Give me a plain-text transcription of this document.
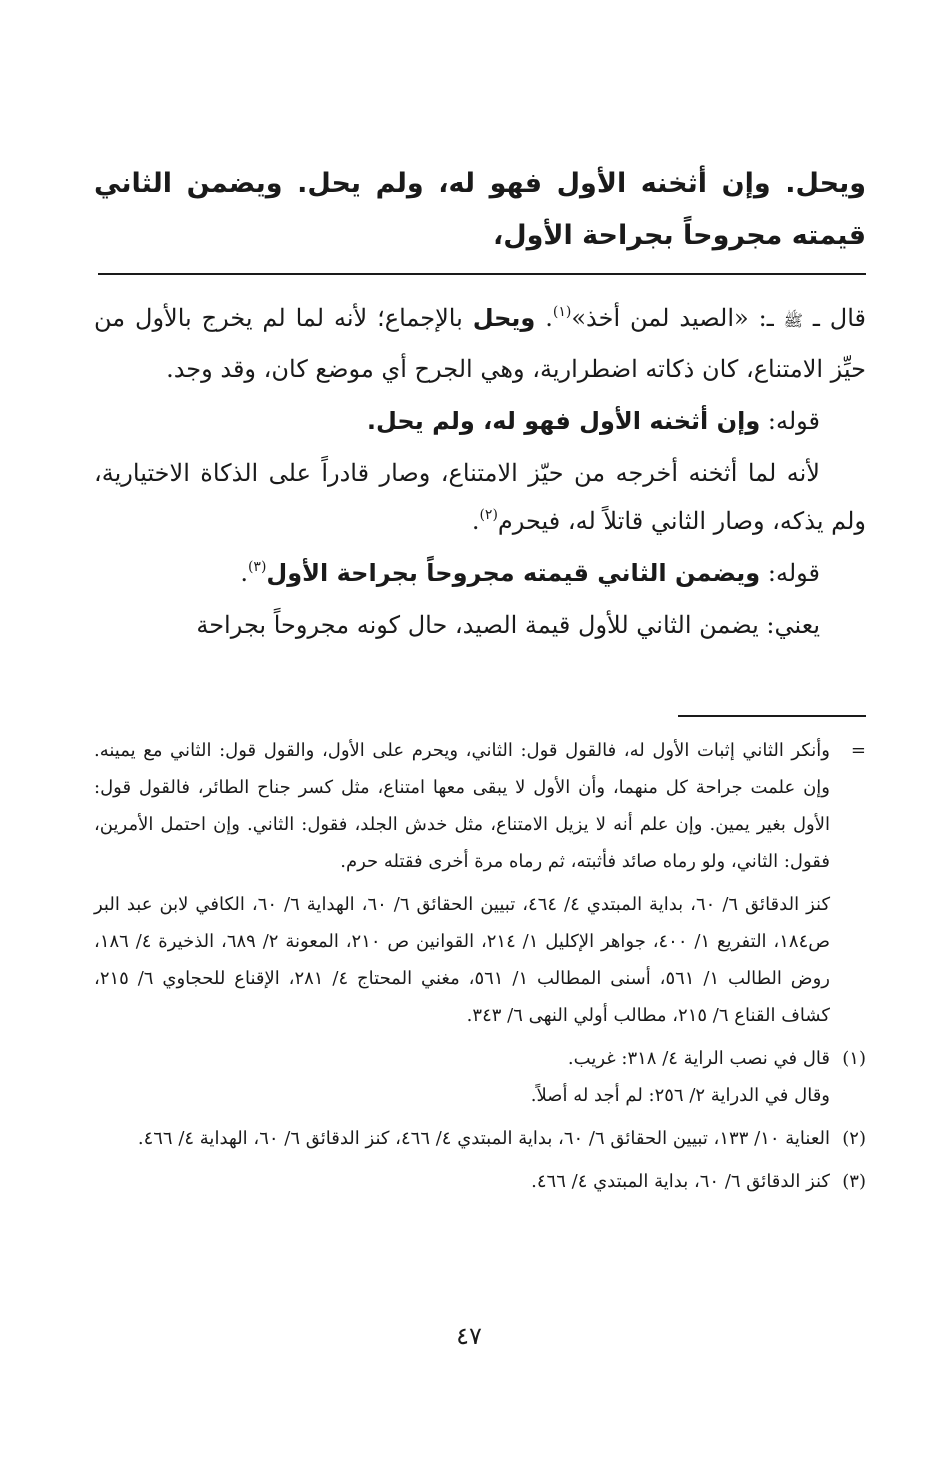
ويحل. وإن أثخنه الأول فهو له، ولم يحل. ويضمن الثاني قيمته مجروحاً بجراحة الأول،

قال ـ ﷺ ـ: «الصيد لمن أخذ»$^{(١)}$. ويحل بالإجماع؛ لأنه لما لم يخرج بالأول من حيِّز الامتناع، كان ذكاته اضطرارية، وهي الجرح أي موضع كان، وقد وجد.

قوله: وإن أثخنه الأول فهو له، ولم يحل.

لأنه لما أثخنه أخرجه من حيّز الامتناع، وصار قادراً على الذكاة الاختيارية، ولم يذكه، وصار الثاني قاتلاً له، فيحرم$^{(٢)}$.

قوله: ويضمن الثاني قيمته مجروحاً بجراحة الأول$^{(٣)}$.

يعني: يضمن الثاني للأول قيمة الصيد، حال كونه مجروحاً بجراحة

=
وأنكر الثاني إثبات الأول له، فالقول قول: الثاني، ويحرم على الأول، والقول قول: الثاني مع يمينه. وإن علمت جراحة كل منهما، وأن الأول لا يبقى معها امتناع، مثل كسر جناح الطائر، فالقول قول: الأول بغير يمين. وإن علم أنه لا يزيل الامتناع، مثل خدش الجلد، فقول: الثاني. وإن احتمل الأمرين، فقول: الثاني، ولو رماه صائد فأثبته، ثم رماه مرة أخرى فقتله حرم.

كنز الدقائق ٦/ ٦٠، بداية المبتدي ٤/ ٤٦٤، تبيين الحقائق ٦/ ٦٠، الهداية ٦/ ٦٠، الكافي لابن عبد البر ص١٨٤، التفريع ١/ ٤٠٠، جواهر الإكليل ١/ ٢١٤، القوانين ص ٢١٠، المعونة ٢/ ٦٨٩، الذخيرة ٤/ ١٨٦، روض الطالب ١/ ٥٦١، أسنى المطالب ١/ ٥٦١، مغني المحتاج ٤/ ٢٨١، الإقناع للحجاوي ٦/ ٢١٥، كشاف القناع ٦/ ٢١٥، مطالب أولي النهى ٦/ ٣٤٣.

(١)
قال في نصب الراية ٤/ ٣١٨: غريب.
وقال في الدراية ٢/ ٢٥٦: لم أجد له أصلاً.

(٢)
العناية ١٠/ ١٣٣، تبيين الحقائق ٦/ ٦٠، بداية المبتدي ٤/ ٤٦٦، كنز الدقائق ٦/ ٦٠، الهداية ٤/ ٤٦٦.

(٣)
كنز الدقائق ٦/ ٦٠، بداية المبتدي ٤/ ٤٦٦.

٤٧
